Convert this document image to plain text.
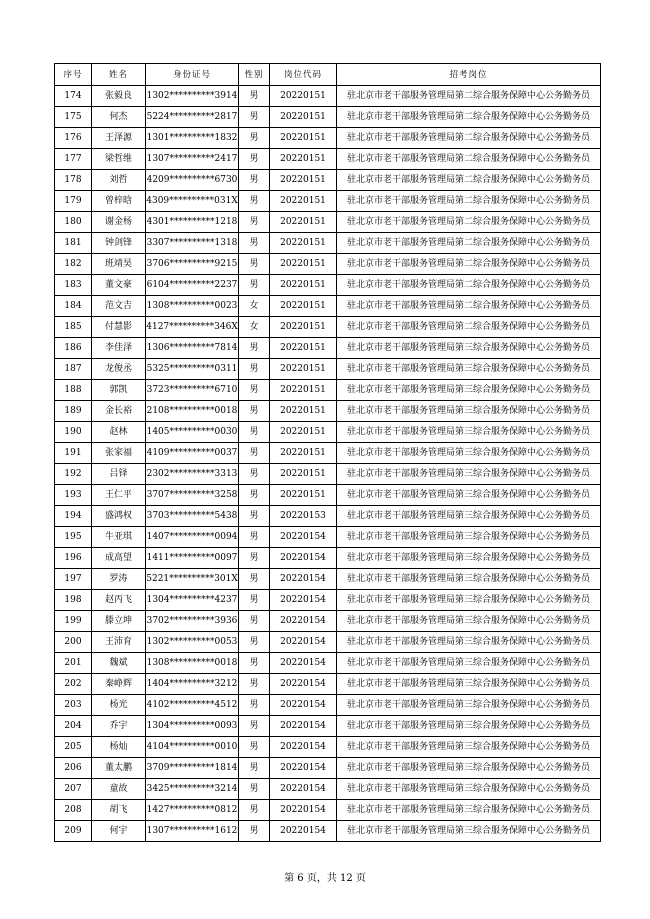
序号	姓名	身份证号	性别	岗位代码	招考岗位
174	张毅良	1302**********3914	男	20220151	驻北京市老干部服务管理局第二综合服务保障中心公务勤务员
175	何杰	5224**********2817	男	20220151	驻北京市老干部服务管理局第二综合服务保障中心公务勤务员
176	王泽源	1301**********1832	男	20220151	驻北京市老干部服务管理局第二综合服务保障中心公务勤务员
177	梁哲维	1307**********2417	男	20220151	驻北京市老干部服务管理局第二综合服务保障中心公务勤务员
178	刘哲	4209**********6730	男	20220151	驻北京市老干部服务管理局第二综合服务保障中心公务勤务员
179	曾梓晗	4309**********031X	男	20220151	驻北京市老干部服务管理局第二综合服务保障中心公务勤务员
180	谢金杨	4301**********1218	男	20220151	驻北京市老干部服务管理局第二综合服务保障中心公务勤务员
181	钟剑锋	3307**********1318	男	20220151	驻北京市老干部服务管理局第二综合服务保障中心公务勤务员
182	班靖昊	3706**********9215	男	20220151	驻北京市老干部服务管理局第二综合服务保障中心公务勤务员
183	董文豪	6104**********2237	男	20220151	驻北京市老干部服务管理局第二综合服务保障中心公务勤务员
184	范文吉	1308**********0023	女	20220151	驻北京市老干部服务管理局第二综合服务保障中心公务勤务员
185	付慧影	4127**********346X	女	20220151	驻北京市老干部服务管理局第二综合服务保障中心公务勤务员
186	李佳泽	1306**********7814	男	20220151	驻北京市老干部服务管理局第三综合服务保障中心公务勤务员
187	龙俊丞	5325**********0311	男	20220151	驻北京市老干部服务管理局第三综合服务保障中心公务勤务员
188	郭凯	3723**********6710	男	20220151	驻北京市老干部服务管理局第三综合服务保障中心公务勤务员
189	金长裕	2108**********0018	男	20220151	驻北京市老干部服务管理局第三综合服务保障中心公务勤务员
190	赵林	1405**********0030	男	20220151	驻北京市老干部服务管理局第三综合服务保障中心公务勤务员
191	张家福	4109**********0037	男	20220151	驻北京市老干部服务管理局第三综合服务保障中心公务勤务员
192	吕铎	2302**********3313	男	20220151	驻北京市老干部服务管理局第三综合服务保障中心公务勤务员
193	王仁平	3707**********3258	男	20220151	驻北京市老干部服务管理局第三综合服务保障中心公务勤务员
194	盛鸿权	3703**********5438	男	20220153	驻北京市老干部服务管理局第三综合服务保障中心公务勤务员
195	牛亚琪	1407**********0094	男	20220154	驻北京市老干部服务管理局第三综合服务保障中心公务勤务员
196	成高望	1411**********0097	男	20220154	驻北京市老干部服务管理局第三综合服务保障中心公务勤务员
197	罗涛	5221**********301X	男	20220154	驻北京市老干部服务管理局第三综合服务保障中心公务勤务员
198	赵丙飞	1304**********4237	男	20220154	驻北京市老干部服务管理局第三综合服务保障中心公务勤务员
199	滕立坤	3702**********3936	男	20220154	驻北京市老干部服务管理局第三综合服务保障中心公务勤务员
200	王沛育	1302**********0053	男	20220154	驻北京市老干部服务管理局第三综合服务保障中心公务勤务员
201	魏斌	1308**********0018	男	20220154	驻北京市老干部服务管理局第三综合服务保障中心公务勤务员
202	秦峥辉	1404**********3212	男	20220154	驻北京市老干部服务管理局第三综合服务保障中心公务勤务员
203	杨光	4102**********4512	男	20220154	驻北京市老干部服务管理局第三综合服务保障中心公务勤务员
204	乔宇	1304**********0093	男	20220154	驻北京市老干部服务管理局第三综合服务保障中心公务勤务员
205	杨灿	4104**********0010	男	20220154	驻北京市老干部服务管理局第三综合服务保障中心公务勤务员
206	董太鹏	3709**********1814	男	20220154	驻北京市老干部服务管理局第三综合服务保障中心公务勤务员
207	童故	3425**********3214	男	20220154	驻北京市老干部服务管理局第三综合服务保障中心公务勤务员
208	胡飞	1427**********0812	男	20220154	驻北京市老干部服务管理局第三综合服务保障中心公务勤务员
209	何宇	1307**********1612	男	20220154	驻北京市老干部服务管理局第三综合服务保障中心公务勤务员
第 6 页，共 12 页
